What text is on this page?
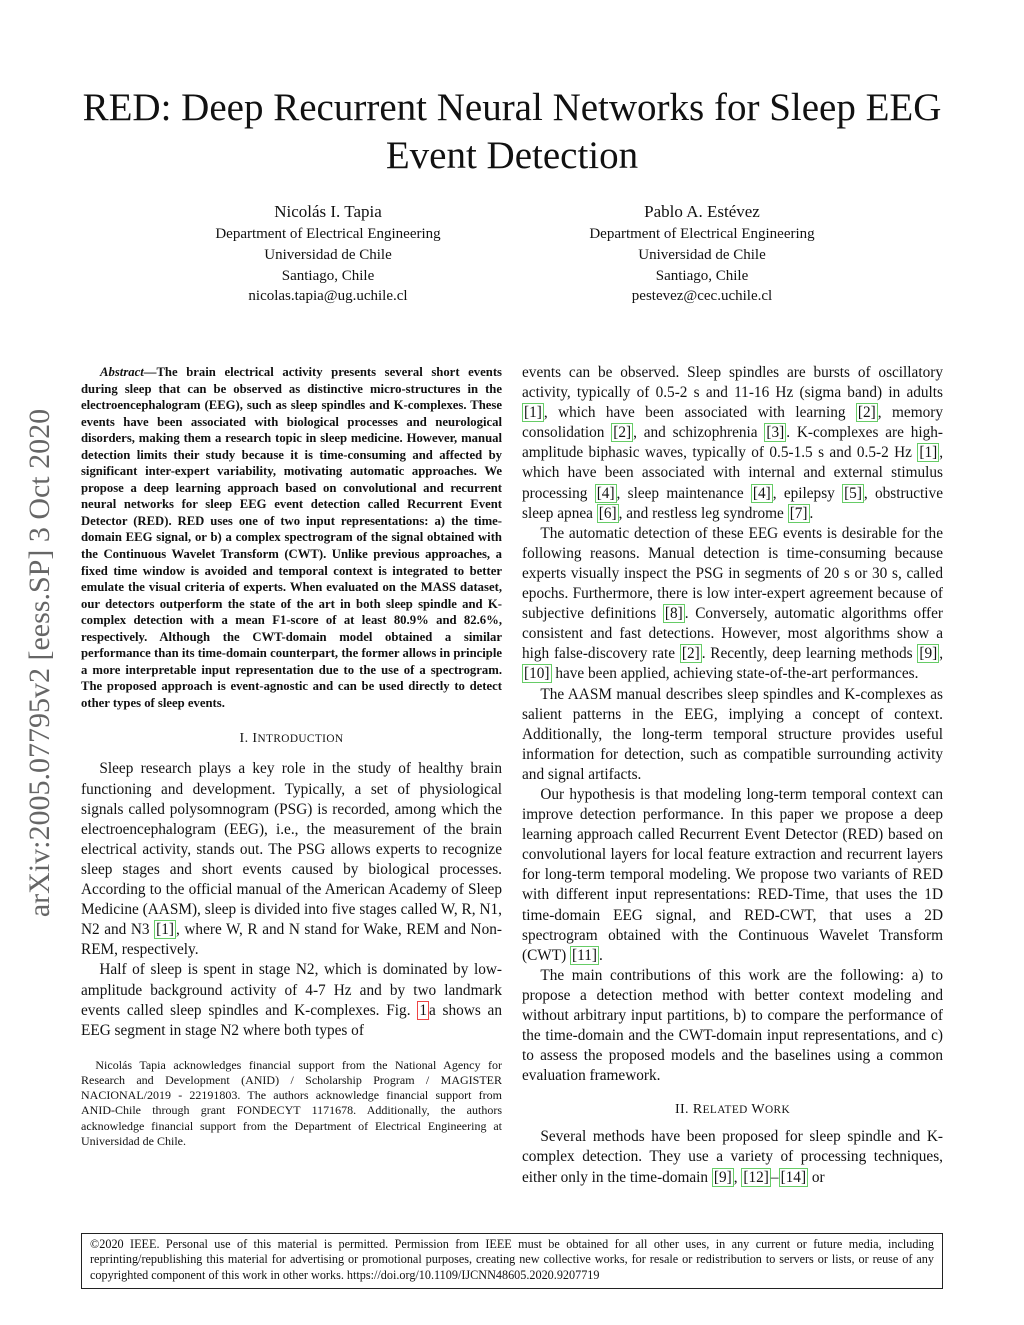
RED: Deep Recurrent Neural Networks for Sleep EEG Event Detection
Nicolás I. Tapia
Department of Electrical Engineering
Universidad de Chile
Santiago, Chile
nicolas.tapia@ug.uchile.cl
Pablo A. Estévez
Department of Electrical Engineering
Universidad de Chile
Santiago, Chile
pestevez@cec.uchile.cl
arXiv:2005.07795v2 [eess.SP] 3 Oct 2020

Abstract—The brain electrical activity presents several short events during sleep that can be observed as distinctive micro-structures in the electroencephalogram (EEG), such as sleep spindles and K-complexes. These events have been associated with biological processes and neurological disorders, making them a research topic in sleep medicine. However, manual detection limits their study because it is time-consuming and affected by significant inter-expert variability, motivating automatic approaches. We propose a deep learning approach based on convolutional and recurrent neural networks for sleep EEG event detection called Recurrent Event Detector (RED). RED uses one of two input representations: a) the time-domain EEG signal, or b) a complex spectrogram of the signal obtained with the Continuous Wavelet Transform (CWT). Unlike previous approaches, a fixed time window is avoided and temporal context is integrated to better emulate the visual criteria of experts. When evaluated on the MASS dataset, our detectors outperform the state of the art in both sleep spindle and K-complex detection with a mean F1-score of at least 80.9% and 82.6%, respectively. Although the CWT-domain model obtained a similar performance than its time-domain counterpart, the former allows in principle a more interpretable input representation due to the use of a spectrogram. The proposed approach is event-agnostic and can be used directly to detect other types of sleep events.

I. INTRODUCTION

Sleep research plays a key role in the study of healthy brain functioning and development. Typically, a set of physiological signals called polysomnogram (PSG) is recorded, among which the electroencephalogram (EEG), i.e., the measurement of the brain electrical activity, stands out. The PSG allows experts to recognize sleep stages and short events caused by biological processes. According to the official manual of the American Academy of Sleep Medicine (AASM), sleep is divided into five stages called W, R, N1, N2 and N3 [1] , where W, R and N stand for Wake, REM and Non-REM, respectively.

Half of sleep is spent in stage N2, which is dominated by low-amplitude background activity of 4-7 Hz and by two landmark events called sleep spindles and K-complexes. Fig. 1 a shows an EEG segment in stage N2 where both types of

Nicolás Tapia acknowledges financial support from the National Agency for Research and Development (ANID) / Scholarship Program / MAGISTER NACIONAL/2019 - 22191803. The authors acknowledge financial support from ANID-Chile through grant FONDECYT 1171678. Additionally, the authors acknowledge financial support from the Department of Electrical Engineering at Universidad de Chile.

events can be observed. Sleep spindles are bursts of oscillatory activity, typically of 0.5-2 s and 11-16 Hz (sigma band) in adults [1] , which have been associated with learning [2] , memory consolidation [2] , and schizophrenia [3] . K-complexes are high-amplitude biphasic waves, typically of 0.5-1.5 s and 0.5-2 Hz [1] , which have been associated with internal and external stimulus processing [4] , sleep maintenance [4] , epilepsy [5] , obstructive sleep apnea [6] , and restless leg syndrome [7] .

The automatic detection of these EEG events is desirable for the following reasons. Manual detection is time-consuming because experts visually inspect the PSG in segments of 20 s or 30 s, called epochs. Furthermore, there is low inter-expert agreement because of subjective definitions [8] . Conversely, automatic algorithms offer consistent and fast detections. However, most algorithms show a high false-discovery rate [2] . Recently, deep learning methods [9] , [10] have been applied, achieving state-of-the-art performances.

The AASM manual describes sleep spindles and K-complexes as salient patterns in the EEG, implying a concept of context. Additionally, the long-term temporal structure provides useful information for detection, such as compatible surrounding activity and signal artifacts.

Our hypothesis is that modeling long-term temporal context can improve detection performance. In this paper we propose a deep learning approach called Recurrent Event Detector (RED) based on convolutional layers for local feature extraction and recurrent layers for long-term temporal modeling. We propose two variants of RED with different input representations: RED-Time, that uses the 1D time-domain EEG signal, and RED-CWT, that uses a 2D spectrogram obtained with the Continuous Wavelet Transform (CWT) [11] .

The main contributions of this work are the following: a) to propose a detection method with better context modeling and without arbitrary input partitions, b) to compare the performance of the time-domain and the CWT-domain input representations, and c) to assess the proposed models and the baselines using a common evaluation framework.

II. RELATED WORK

Several methods have been proposed for sleep spindle and K-complex detection. They use a variety of processing techniques, either only in the time-domain [9] , [12] – [14] or

©2020 IEEE. Personal use of this material is permitted. Permission from IEEE must be obtained for all other uses, in any current or future media, including reprinting/republishing this material for advertising or promotional purposes, creating new collective works, for resale or redistribution to servers or lists, or reuse of any copyrighted component of this work in other works. https://doi.org/10.1109/IJCNN48605.2020.9207719
